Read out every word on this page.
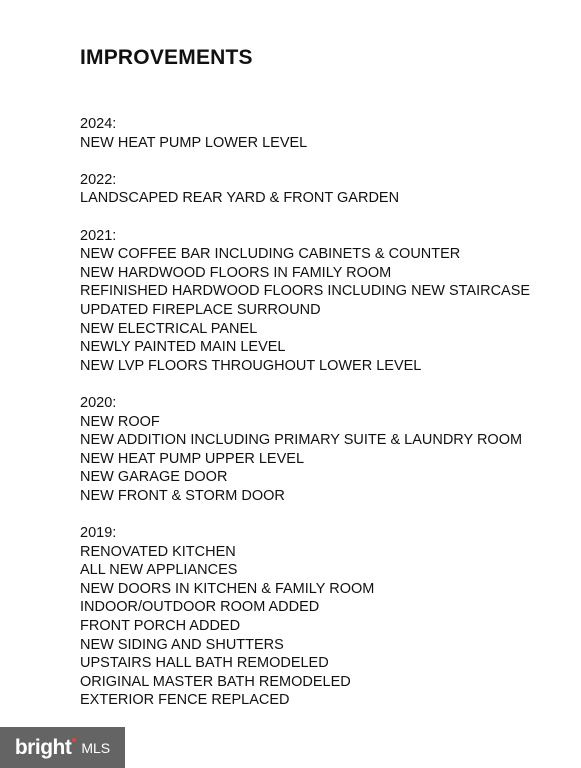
IMPROVEMENTS
2024:
NEW HEAT PUMP LOWER LEVEL
2022:
LANDSCAPED REAR YARD & FRONT GARDEN
2021:
NEW COFFEE BAR INCLUDING CABINETS & COUNTER
NEW HARDWOOD FLOORS IN FAMILY ROOM
REFINISHED HARDWOOD FLOORS INCLUDING NEW STAIRCASE
UPDATED FIREPLACE SURROUND
NEW ELECTRICAL PANEL
NEWLY PAINTED MAIN LEVEL
NEW LVP FLOORS THROUGHOUT LOWER LEVEL
2020:
NEW ROOF
NEW ADDITION INCLUDING PRIMARY SUITE & LAUNDRY ROOM
NEW HEAT PUMP UPPER LEVEL
NEW GARAGE DOOR
NEW FRONT & STORM DOOR
2019:
RENOVATED KITCHEN
ALL NEW APPLIANCES
NEW DOORS IN KITCHEN & FAMILY ROOM
INDOOR/OUTDOOR ROOM ADDED
FRONT PORCH ADDED
NEW SIDING AND SHUTTERS
UPSTAIRS HALL BATH REMODELED
ORIGINAL MASTER BATH REMODELED
EXTERIOR FENCE REPLACED
bright MLS
